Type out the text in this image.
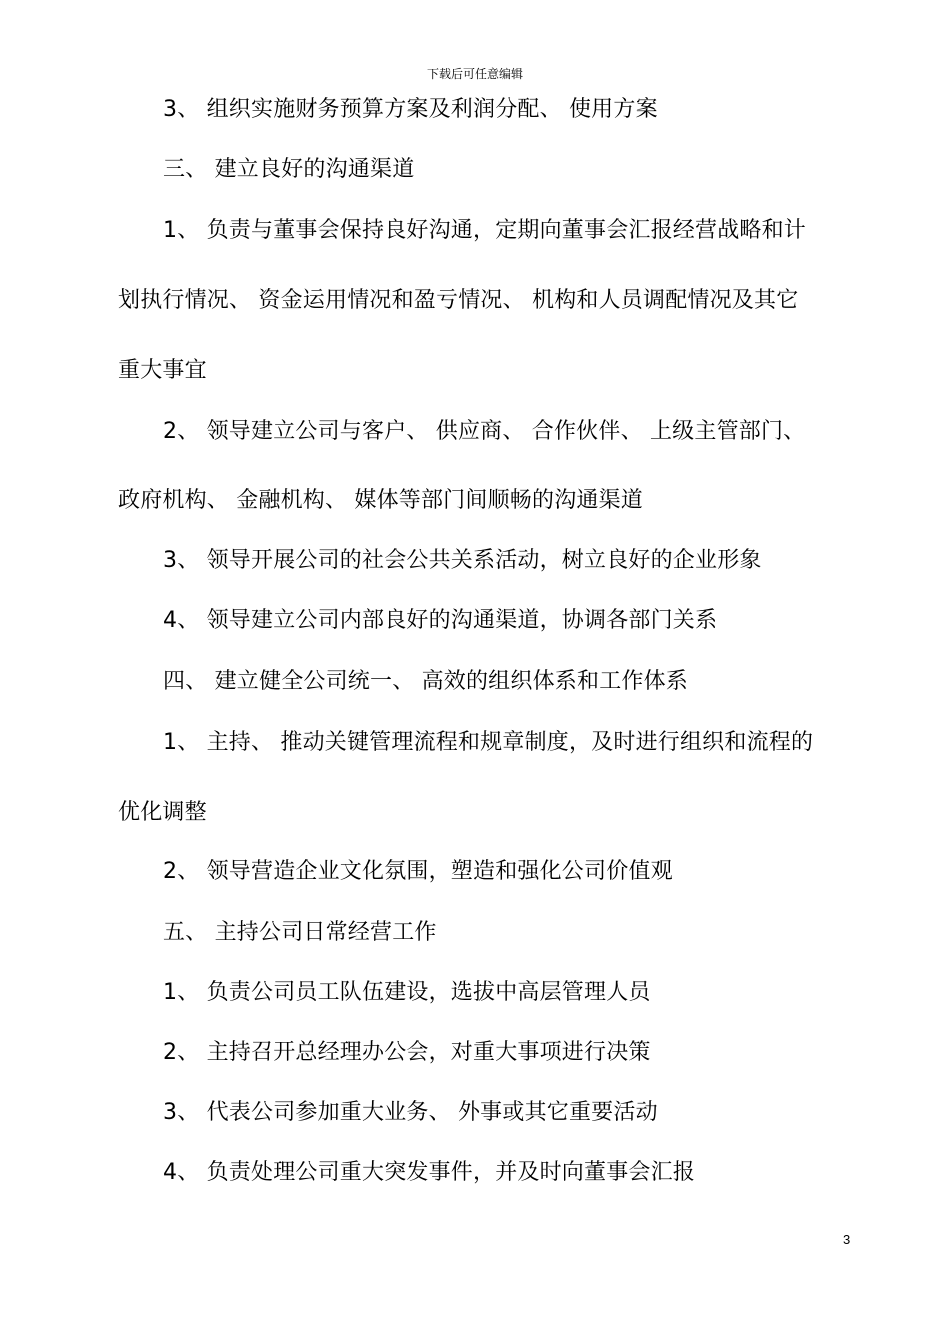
下载后可任意编辑
3、 组织实施财务预算方案及利润分配、 使用方案
三、 建立良好的沟通渠道
1、 负责与董事会保持良好沟通，定期向董事会汇报经营战略和计
划执行情况、 资金运用情况和盈亏情况、 机构和人员调配情况及其它
重大事宜
2、 领导建立公司与客户、 供应商、 合作伙伴、 上级主管部门、
政府机构、 金融机构、 媒体等部门间顺畅的沟通渠道
3、 领导开展公司的社会公共关系活动，树立良好的企业形象
4、 领导建立公司内部良好的沟通渠道，协调各部门关系
四、 建立健全公司统一、 高效的组织体系和工作体系
1、 主持、 推动关键管理流程和规章制度，及时进行组织和流程的
优化调整
2、 领导营造企业文化氛围，塑造和强化公司价值观
五、 主持公司日常经营工作
1、 负责公司员工队伍建设，选拔中高层管理人员
2、 主持召开总经理办公会，对重大事项进行决策
3、 代表公司参加重大业务、 外事或其它重要活动
4、 负责处理公司重大突发事件，并及时向董事会汇报
3
